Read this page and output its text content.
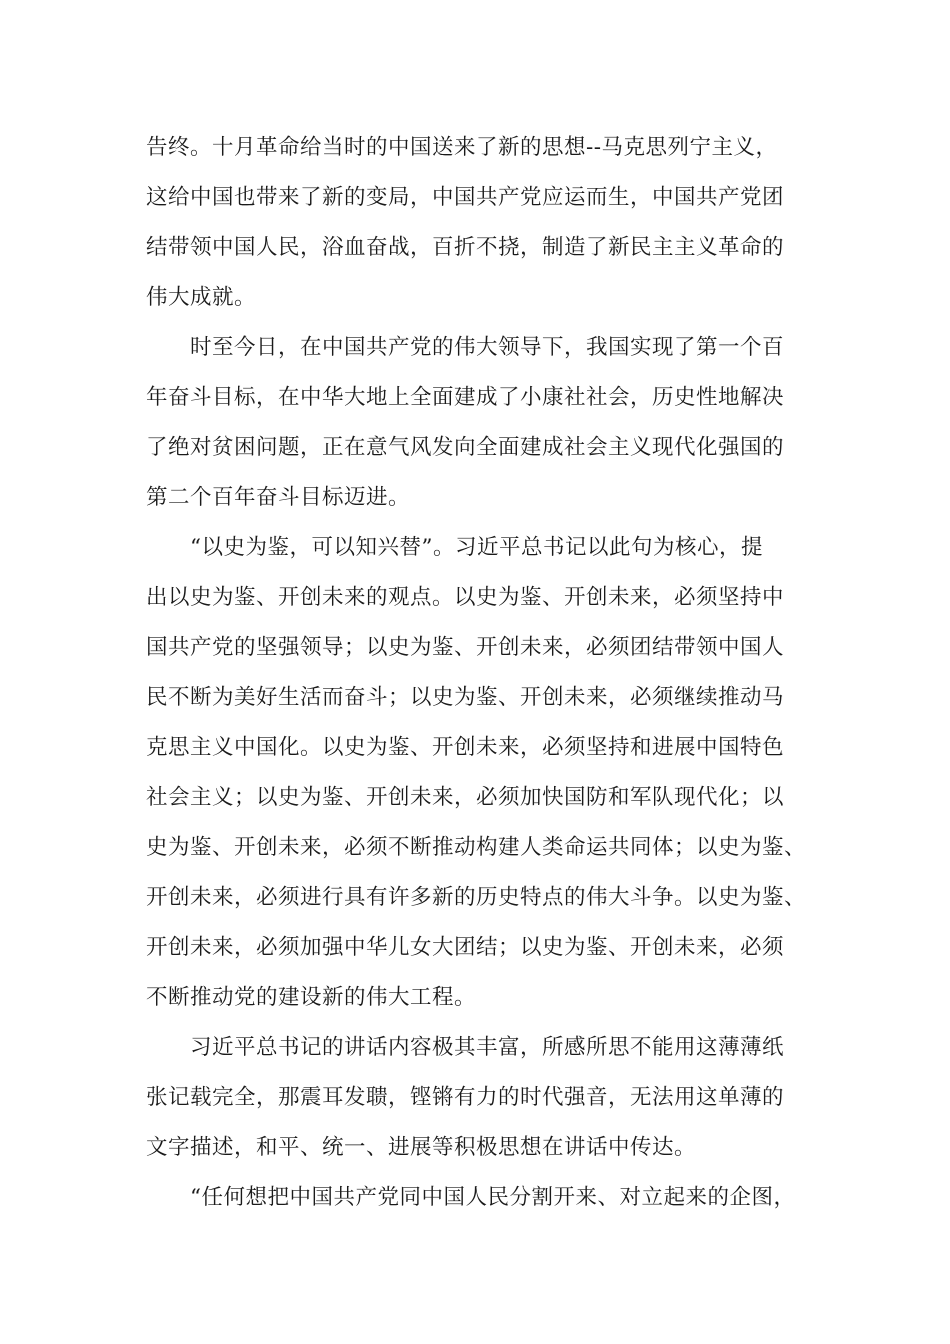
告终。十月革命给当时的中国送来了新的思想--马克思列宁主义，
这给中国也带来了新的变局，中国共产党应运而生，中国共产党团
结带领中国人民，浴血奋战，百折不挠，制造了新民主主义革命的
伟大成就。
时至今日，在中国共产党的伟大领导下，我国实现了第一个百
年奋斗目标，在中华大地上全面建成了小康社社会，历史性地解决
了绝对贫困问题，正在意气风发向全面建成社会主义现代化强国的
第二个百年奋斗目标迈进。
“以史为鉴，可以知兴替”。习近平总书记以此句为核心，提
出以史为鉴、开创未来的观点。以史为鉴、开创未来，必须坚持中
国共产党的坚强领导；以史为鉴、开创未来，必须团结带领中国人
民不断为美好生活而奋斗；以史为鉴、开创未来，必须继续推动马
克思主义中国化。以史为鉴、开创未来，必须坚持和进展中国特色
社会主义；以史为鉴、开创未来，必须加快国防和军队现代化；以
史为鉴、开创未来，必须不断推动构建人类命运共同体；以史为鉴、
开创未来，必须进行具有许多新的历史特点的伟大斗争。以史为鉴、
开创未来，必须加强中华儿女大团结；以史为鉴、开创未来，必须
不断推动党的建设新的伟大工程。
习近平总书记的讲话内容极其丰富，所感所思不能用这薄薄纸
张记载完全，那震耳发聩，铿锵有力的时代强音，无法用这单薄的
文字描述，和平、统一、进展等积极思想在讲话中传达。
“任何想把中国共产党同中国人民分割开来、对立起来的企图，
